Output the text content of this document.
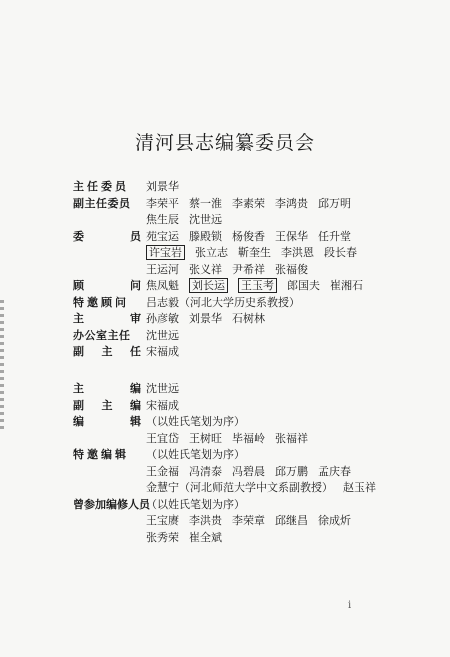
清河县志编纂委员会
主任委员	刘景华
副主任委员	李荣平 蔡一淮 李素荣 李鸿贵 邱万明
焦生辰 沈世远
委	员 苑宝运 滕殿锁 杨俊香 王保华 任升堂
许宝岩 张立志 靳奎生 李洪恩 段长春
王运河 张义祥 尹希祥 张福俊
顾	问 焦凤魁 刘长运 王玉考 郎国夫 崔湘石
特邀顾问	吕志毅（河北大学历史系教授）
主	审 孙彦敏 刘景华 石树林
办公室主任	沈世远
副 主 任 宋福成
主	编 沈世远
副 主 编 宋福成
编	辑 （以姓氏笔划为序）
王宜岱 王树旺 毕福岭 张福祥
特邀编辑	（以姓氏笔划为序）
王金福 冯清泰 冯碧晨 邱万鹏 孟庆春
金慧宁（河北师范大学中文系副教授） 赵玉祥
曾参加编修人员
（以姓氏笔划为序）
王宝赓 李洪贵 李荣章 邱继昌 徐成炘
张秀荣 崔全斌
i
